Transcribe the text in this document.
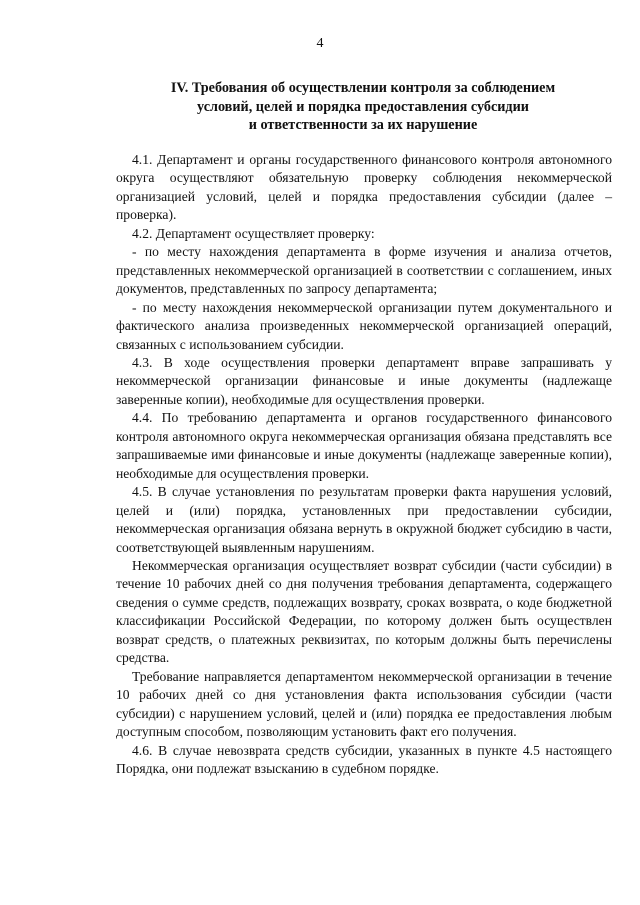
4
IV. Требования об осуществлении контроля за соблюдением
условий, целей и порядка предоставления субсидии
и ответственности за их нарушение

4.1. Департамент и органы государственного финансового контроля автономного округа осуществляют обязательную проверку соблюдения некоммерческой организацией условий, целей и порядка предоставления субсидии (далее – проверка).

4.2. Департамент осуществляет проверку:

- по месту нахождения департамента в форме изучения и анализа отчетов, представленных некоммерческой организацией в соответствии с соглашением, иных документов, представленных по запросу департамента;

- по месту нахождения некоммерческой организации путем документального и фактического анализа произведенных некоммерческой организацией операций, связанных с использованием субсидии.

4.3. В ходе осуществления проверки департамент вправе запрашивать у некоммерческой организации финансовые и иные документы (надлежаще заверенные копии), необходимые для осуществления проверки.

4.4. По требованию департамента и органов государственного финансового контроля автономного округа некоммерческая организация обязана представлять все запрашиваемые ими финансовые и иные документы (надлежаще заверенные копии), необходимые для осуществления проверки.

4.5. В случае установления по результатам проверки факта нарушения условий, целей и (или) порядка, установленных при предоставлении субсидии, некоммерческая организация обязана вернуть в окружной бюджет субсидию в части, соответствующей выявленным нарушениям.

Некоммерческая организация осуществляет возврат субсидии (части субсидии) в течение 10 рабочих дней со дня получения требования департамента, содержащего сведения о сумме средств, подлежащих возврату, сроках возврата, о коде бюджетной классификации Российской Федерации, по которому должен быть осуществлен возврат средств, о платежных реквизитах, по которым должны быть перечислены средства.

Требование направляется департаментом некоммерческой организации в течение 10 рабочих дней со дня установления факта использования субсидии (части субсидии) с нарушением условий, целей и (или) порядка ее предоставления любым доступным способом, позволяющим установить факт его получения.

4.6. В случае невозврата средств субсидии, указанных в пункте 4.5 настоящего Порядка, они подлежат взысканию в судебном порядке.
